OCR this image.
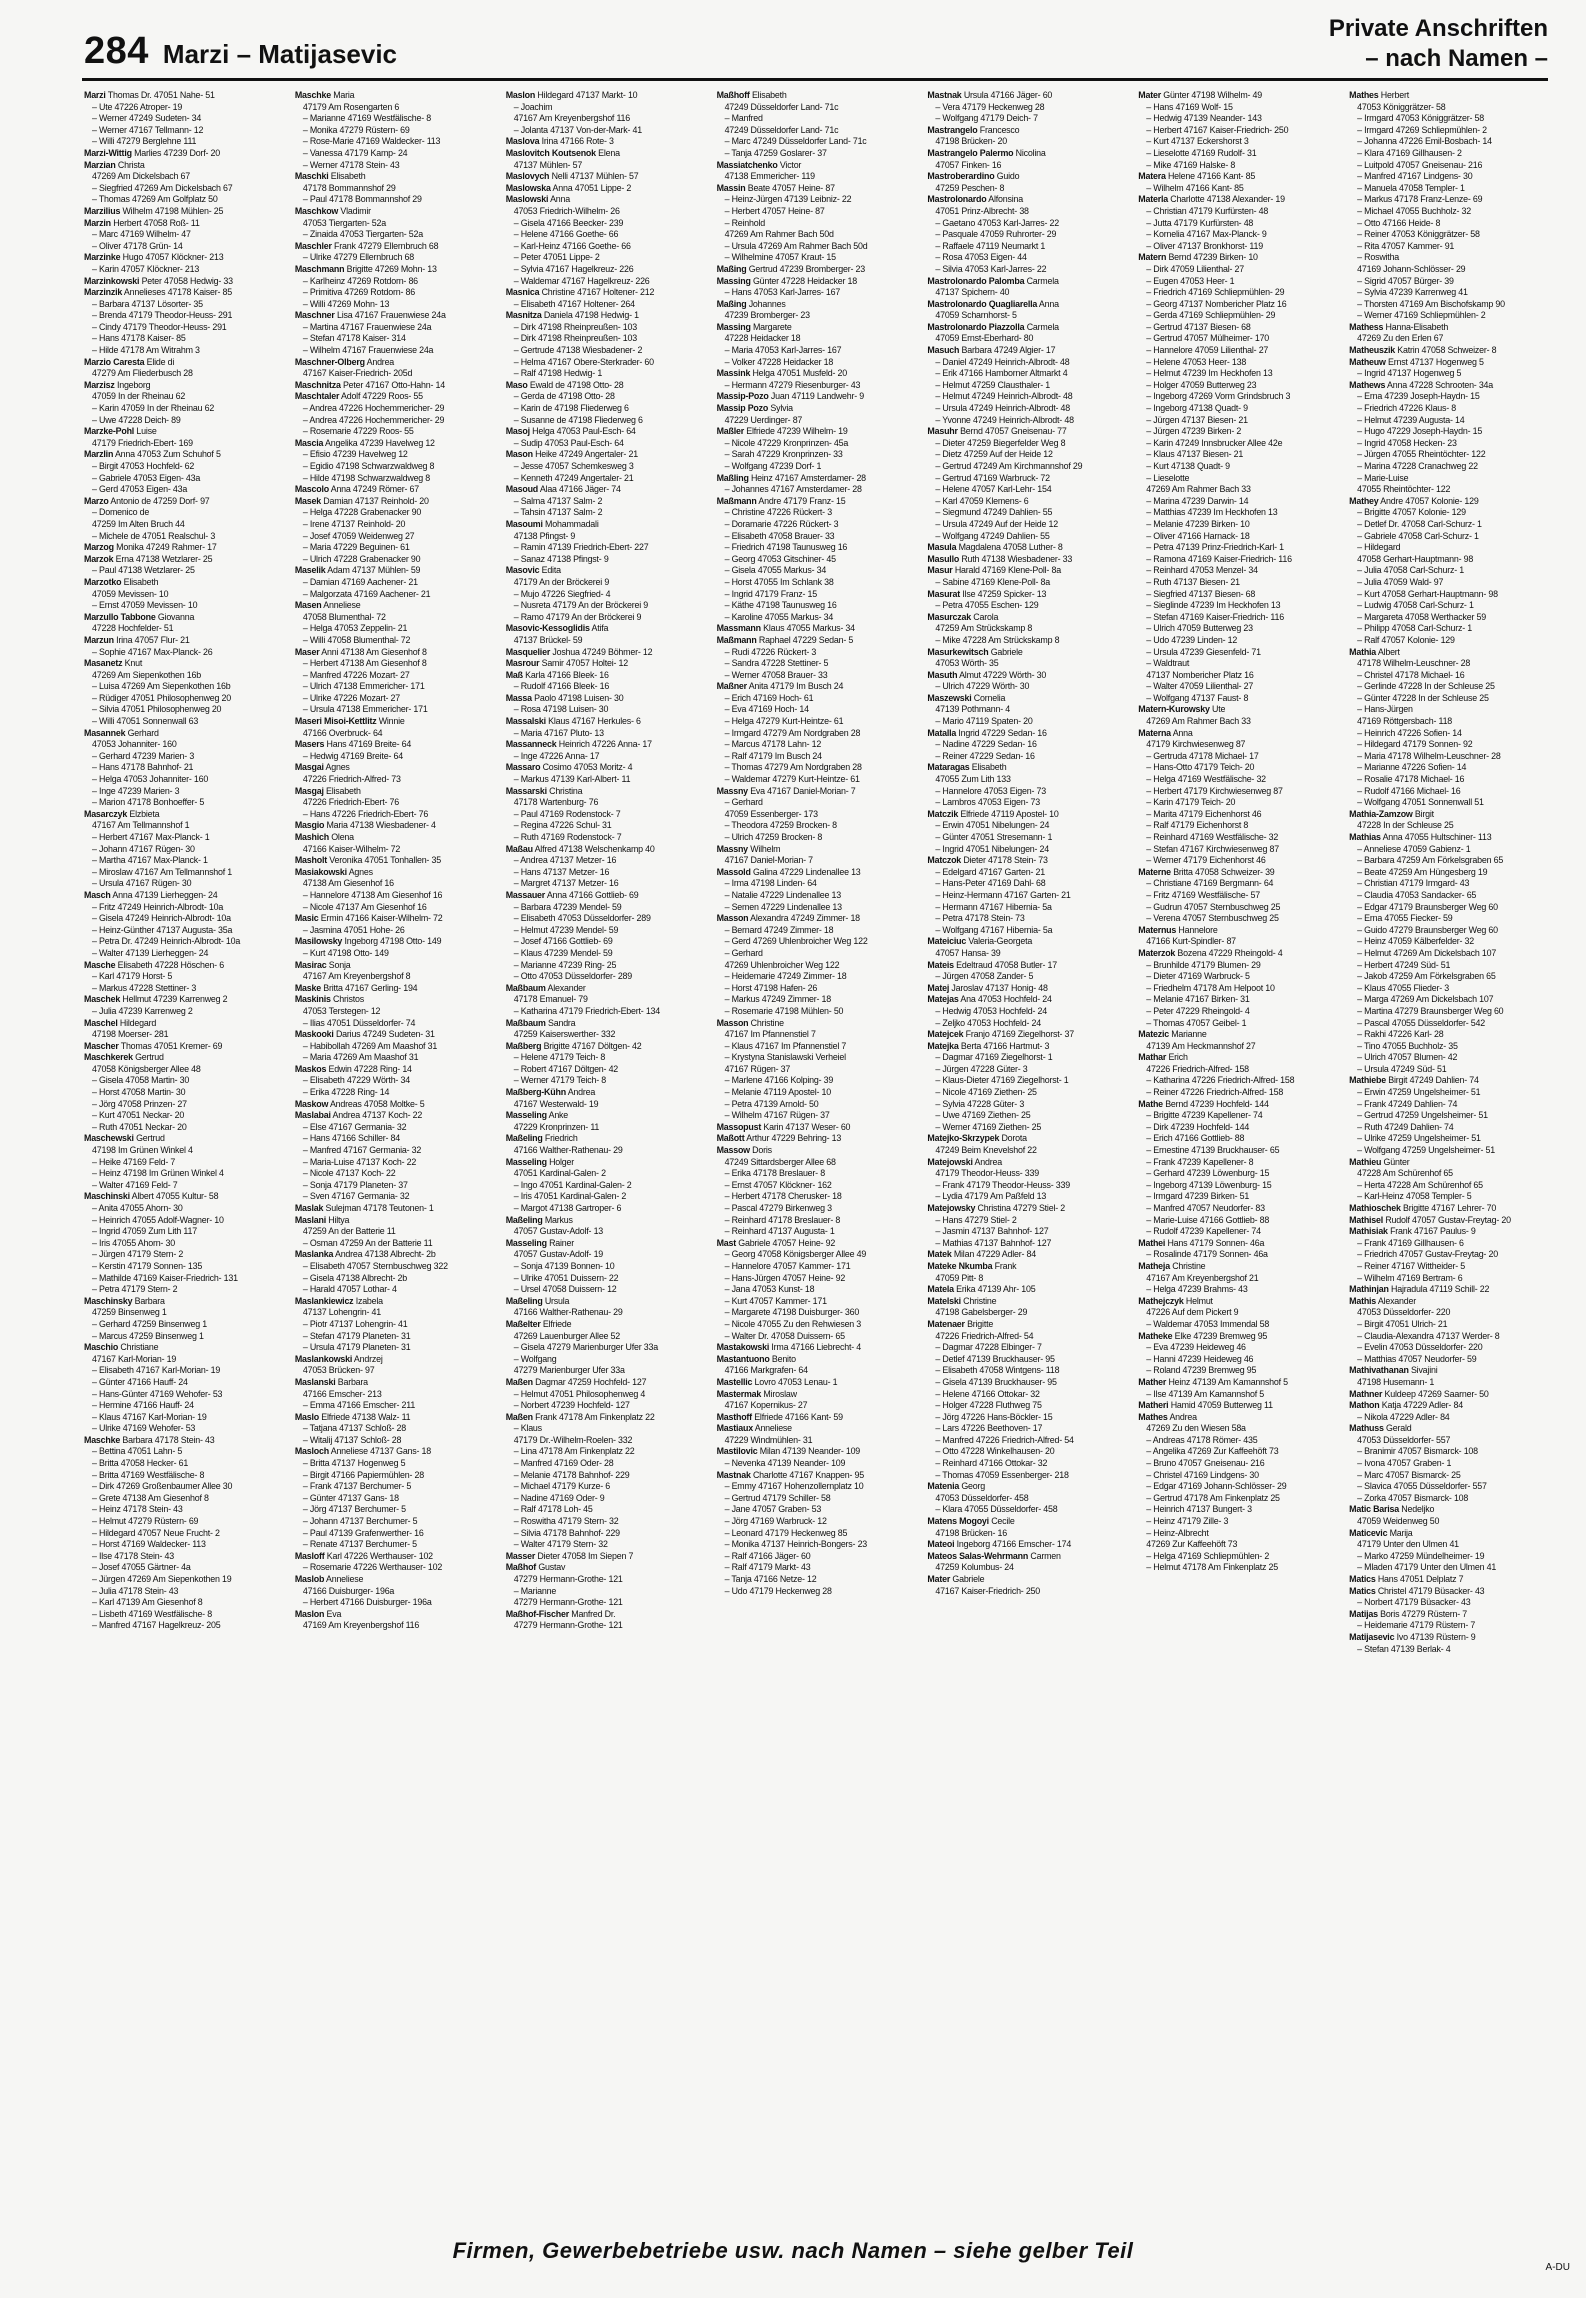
284 Marzi – Matijasevic
Private Anschriften
– nach Namen –
Marzi Thomas Dr. 47051 Nahe- 51
– Ute 47226 Atroper- 19
– Werner 47249 Sudeten- 34
– Werner 47167 Tellmann- 12
– Willi 47279 Berglehne 111
Marzi-Wittig Marlies 47239 Dorf- 20
Marzian Christa
47269 Am Dickelsbach 67
– Siegfried 47269 Am Dickelsbach 67
– Thomas 47269 Am Golfplatz 50
Marzilius Wilhelm 47198 Mühlen- 25
Marzin Herbert 47058 Roß- 11
– Marc 47169 Wilhelm- 47
– Oliver 47178 Grün- 14
Marzinke Hugo 47057 Klöckner- 213
– Karin 47057 Klöckner- 213
Marzinkowski Peter 47058 Hedwig- 33
Marzinzik Annelieses 47178 Kaiser- 85
– Barbara 47137 Lösorter- 35
– Brenda 47179 Theodor-Heuss- 291
– Cindy 47179 Theodor-Heuss- 291
– Hans 47178 Kaiser- 85
– Hilde 47178 Am Witrahm 3
Marzio Caresta Elide di
47279 Am Fliederbusch 28
Marzisz Ingeborg
47059 In der Rheinau 62
– Karin 47059 In der Rheinau 62
– Uwe 47228 Deich- 89
Marzke-Pohl Luise
47179 Friedrich-Ebert- 169
Marzlin Anna 47053 Zum Schuhof 5
– Birgit 47053 Hochfeld- 62
– Gabriele 47053 Eigen- 43a
– Gerd 47053 Eigen- 43a
Marzo Antonio de 47259 Dorf- 97
– Domenico de
47259 Im Alten Bruch 44
– Michele de 47051 Realschul- 3
Marzog Monika 47249 Rahmer- 17
Marzok Erna 47138 Wetzlarer- 25
– Paul 47138 Wetzlarer- 25
Marzotko Elisabeth
47059 Mevissen- 10
– Ernst 47059 Mevissen- 10
Marzullo Tabbone Giovanna
47228 Hochfelder- 51
Marzun Irina 47057 Flur- 21
– Sophie 47167 Max-Planck- 26
Masanetz Knut
47269 Am Siepenkothen 16b
– Luisa 47269 Am Siepenkothen 16b
– Rüdiger 47051 Philosophenweg 20
– Silvia 47051 Philosophenweg 20
– Willi 47051 Sonnenwall 63
Masannek Gerhard
47053 Johanniter- 160
– Gerhard 47239 Marien- 3
– Hans 47178 Bahnhof- 21
– Helga 47053 Johanniter- 160
– Inge 47239 Marien- 3
– Marion 47178 Bonhoeffer- 5
Masarczyk Elzbieta
47167 Am Tellmannshof 1
– Herbert 47167 Max-Planck- 1
– Johann 47167 Rügen- 30
– Martha 47167 Max-Planck- 1
– Miroslaw 47167 Am Tellmannshof 1
– Ursula 47167 Rügen- 30
Masch Anna 47139 Lierheggen- 24
– Fritz 47249 Heinrich-Albrodt- 10a
– Gisela 47249 Heinrich-Albrodt- 10a
– Heinz-Günther 47137 Augusta- 35a
– Petra Dr. 47249 Heinrich-Albrodt- 10a
– Walter 47139 Lierheggen- 24
Masche Elisabeth 47228 Höschen- 6
– Karl 47179 Horst- 5
– Markus 47228 Stettiner- 3
Maschek Hellmut 47239 Karrenweg 2
– Julia 47239 Karrenweg 2
Maschel Hildegard
47198 Moerser- 281
Mascher Thomas 47051 Kremer- 69
Maschkerek Gertrud
47058 Königsberger Allee 48
– Gisela 47058 Martin- 30
– Horst 47058 Martin- 30
– Jörg 47058 Prinzen- 27
– Kurt 47051 Neckar- 20
– Ruth 47051 Neckar- 20
Maschewski Gertrud
47198 Im Grünen Winkel 4
– Heike 47169 Feld- 7
– Heinz 47198 Im Grünen Winkel 4
– Walter 47169 Feld- 7
Maschinski Albert 47055 Kultur- 58
– Anita 47055 Ahorn- 30
– Heinrich 47055 Adolf-Wagner- 10
– Ingrid 47059 Zum Lith 117
– Iris 47055 Ahorn- 30
– Jürgen 47179 Stern- 2
– Kerstin 47179 Sonnen- 135
– Mathilde 47169 Kaiser-Friedrich- 131
– Petra 47179 Stern- 2
Maschinsky Barbara
47259 Binsenweg 1
– Gerhard 47259 Binsenweg 1
– Marcus 47259 Binsenweg 1
Maschio Christiane
47167 Karl-Morian- 19
– Elisabeth 47167 Karl-Morian- 19
– Günter 47166 Hauff- 24
– Hans-Günter 47169 Wehofer- 53
– Hermine 47166 Hauff- 24
– Klaus 47167 Karl-Morian- 19
– Ulrike 47169 Wehofer- 53
Maschke Barbara 47178 Stein- 43
– Bettina 47051 Lahn- 5
– Britta 47058 Hecker- 61
– Britta 47169 Westfälische- 8
– Dirk 47269 Großenbaumer Allee 30
– Grete 47138 Am Giesenhof 8
– Heinz 47178 Stein- 43
– Helmut 47279 Rüstern- 69
– Hildegard 47057 Neue Frucht- 2
– Horst 47169 Waldecker- 113
– Ilse 47178 Stein- 43
– Josef 47055 Gärtner- 4a
– Jürgen 47269 Am Siepenkothen 19
– Julia 47178 Stein- 43
– Karl 47139 Am Giesenhof 8
– Lisbeth 47169 Westfälische- 8
– Manfred 47167 Hagelkreuz- 205
Maschke Maria
47179 Am Rosengarten 6
– Marianne 47169 Westfälische- 8
– Monika 47279 Rüstern- 69
– Rose-Marie 47169 Waldecker- 113
– Vanessa 47179 Kamp- 24
– Werner 47178 Stein- 43
Maschki Elisabeth
47178 Bommannshof 29
– Paul 47178 Bommannshof 29
Maschkow Vladimir
47053 Tiergarten- 52a
– Zinaida 47053 Tiergarten- 52a
Maschler Frank 47279 Ellernbruch 68
– Ulrike 47279 Ellernbruch 68
Maschmann Brigitte 47269 Mohn- 13
– Karlheinz 47269 Rotdorn- 86
– Primitiva 47269 Rotdorn- 86
– Willi 47269 Mohn- 13
Maschner Lisa 47167 Frauenwiese 24a
– Martina 47167 Frauenwiese 24a
– Stefan 47178 Kaiser- 314
– Wilhelm 47167 Frauenwiese 24a
Maschner-Olberg Andrea
47167 Kaiser-Friedrich- 205d
Maschnitza Peter 47167 Otto-Hahn- 14
Maschtaler Adolf 47229 Roos- 55
– Andrea 47226 Hochemmericher- 29
– Andrea 47226 Hochemmericher- 29
– Rosemarie 47229 Roos- 55
Mascia Angelika 47239 Havelweg 12
– Efisio 47239 Havelweg 12
– Egidio 47198 Schwarzwaldweg 8
– Hilde 47198 Schwarzwaldweg 8
Mascolo Anna 47249 Römer- 67
Masek Damian 47137 Reinhold- 20
– Helga 47228 Grabenacker 90
– Irene 47137 Reinhold- 20
– Josef 47059 Weidenweg 27
– Maria 47229 Beguinen- 61
– Ulrich 47228 Grabenacker 90
Maselik Adam 47137 Mühlen- 59
– Damian 47169 Aachener- 21
– Malgorzata 47169 Aachener- 21
Masen Anneliese
47058 Blumenthal- 72
– Helga 47053 Zeppelin- 21
– Willi 47058 Blumenthal- 72
Maser Anni 47138 Am Giesenhof 8
– Herbert 47138 Am Giesenhof 8
– Manfred 47226 Mozart- 27
– Ulrich 47138 Emmericher- 171
– Ulrike 47226 Mozart- 27
– Ursula 47138 Emmericher- 171
Maseri Misoi-Kettlitz Winnie
47166 Overbruck- 64
Masers Hans 47169 Breite- 64
– Hedwig 47169 Breite- 64
Masgai Agnes
47226 Friedrich-Alfred- 73
Masgaj Elisabeth
47226 Friedrich-Ebert- 76
– Hans 47226 Friedrich-Ebert- 76
Masgio Maria 47138 Wiesbadener- 4
Mashich Olena
47166 Kaiser-Wilhelm- 72
Masholt Veronika 47051 Tonhallen- 35
Masiakowski Agnes
47138 Am Giesenhof 16
– Hannelore 47138 Am Giesenhof 16
– Nicole 47137 Am Giesenhof 16
Masic Ermin 47166 Kaiser-Wilhelm- 72
– Jasmina 47051 Hohe- 26
Masilowsky Ingeborg 47198 Otto- 149
– Kurt 47198 Otto- 149
Masirac Sonja
47167 Am Kreyenbergshof 8
Maske Britta 47167 Gerling- 194
Maskinis Christos
47053 Terstegen- 12
– Ilias 47051 Düsseldorfer- 74
Maskooki Darius 47249 Sudeten- 31
– Habibollah 47269 Am Maashof 31
– Maria 47269 Am Maashof 31
Maskos Edwin 47228 Ring- 14
– Elisabeth 47229 Wörth- 34
– Erika 47228 Ring- 14
Maskow Andreas 47058 Moltke- 5
Maslabai Andrea 47137 Koch- 22
– Else 47167 Germania- 32
– Hans 47166 Schiller- 84
– Manfred 47167 Germania- 32
– Maria-Luise 47137 Koch- 22
– Nicole 47137 Koch- 22
– Sonja 47179 Planeten- 37
– Sven 47167 Germania- 32
Maslak Sulejman 47178 Teutonen- 1
Maslani Hiltya
47259 An der Batterie 11
– Osman 47259 An der Batterie 11
Maslanka Andrea 47138 Albrecht- 2b
– Elisabeth 47057 Sternbuschweg 322
– Gisela 47138 Albrecht- 2b
– Harald 47057 Lothar- 4
Maslankiewicz Izabela
47137 Lohengrin- 41
– Piotr 47137 Lohengrin- 41
– Stefan 47179 Planeten- 31
– Ursula 47179 Planeten- 31
Maslankowski Andrzej
47053 Brücken- 97
Maslanski Barbara
47166 Emscher- 213
– Emma 47166 Emscher- 211
Maslo Elfriede 47138 Walz- 11
– Tatjana 47137 Schloß- 28
– Witalij 47137 Schloß- 28
Masloch Anneliese 47137 Gans- 18
– Britta 47137 Hogenweg 5
– Birgit 47166 Papiermühlen- 28
– Frank 47137 Berchumer- 5
– Günter 47137 Gans- 18
– Jörg 47137 Berchumer- 5
– Johann 47137 Berchumer- 5
– Paul 47139 Grafenwerther- 16
– Renate 47137 Berchumer- 5
Masloff Karl 47226 Werthauser- 102
– Rosemarie 47226 Werthauser- 102
Maslob Anneliese
47166 Duisburger- 196a
– Herbert 47166 Duisburger- 196a
Maslon Eva
47169 Am Kreyenbergshof 116
Maslon Hildegard 47137 Markt- 10
– Joachim
47167 Am Kreyenbergshof 116
– Jolanta 47137 Von-der-Mark- 41
Maslova Irina 47166 Rote- 3
Maslovitch Koutsenok Elena
47137 Mühlen- 57
Maslovych Nelli 47137 Mühlen- 57
Maslowska Anna 47051 Lippe- 2
Maslowski Anna
47053 Friedrich-Wilhelm- 26
– Gisela 47166 Beecker- 239
– Helene 47166 Goethe- 66
– Karl-Heinz 47166 Goethe- 66
– Peter 47051 Lippe- 2
– Sylvia 47167 Hagelkreuz- 226
– Waldemar 47167 Hagelkreuz- 226
Masnica Christine 47167 Holtener- 212
– Elisabeth 47167 Holtener- 264
Masnitza Daniela 47198 Hedwig- 1
– Dirk 47198 Rheinpreußen- 103
– Dirk 47198 Rheinpreußen- 103
– Gertrude 47138 Wiesbadener- 2
– Helma 47167 Obere-Sterkrader- 60
– Ralf 47198 Hedwig- 1
Maso Ewald de 47198 Otto- 28
– Gerda de 47198 Otto- 28
– Karin de 47198 Fliederweg 6
– Susanne de 47198 Fliederweg 6
Masoj Helga 47053 Paul-Esch- 64
– Sudip 47053 Paul-Esch- 64
Mason Heike 47249 Angertaler- 21
– Jesse 47057 Schemkesweg 3
– Kenneth 47249 Angertaler- 21
Masoud Alaa 47166 Jäger- 74
– Salma 47137 Salm- 2
– Tahsin 47137 Salm- 2
Masoumi Mohammadali
47138 Pfingst- 9
– Ramin 47139 Friedrich-Ebert- 227
– Sanaz 47138 Pfingst- 9
Masovic Edita
47179 An der Bröckerei 9
– Mujo 47226 Siegfried- 4
– Nusreta 47179 An der Bröckerei 9
– Ramo 47179 An der Bröckerei 9
Masovic-Kessoglidis Atifa
47137 Brückel- 59
Masquelier Joshua 47249 Böhmer- 12
Masrour Samir 47057 Holtei- 12
Maß Karla 47166 Bleek- 16
– Rudolf 47166 Bleek- 16
Massa Paolo 47198 Luisen- 30
– Rosa 47198 Luisen- 30
Massalski Klaus 47167 Herkules- 6
– Maria 47167 Pluto- 13
Massanneck Heinrich 47226 Anna- 17
– Inge 47226 Anna- 17
Massaro Cosimo 47053 Moritz- 4
– Markus 47139 Karl-Albert- 11
Massarski Christina
47178 Wartenburg- 76
– Paul 47169 Rodenstock- 7
– Regina 47226 Schul- 31
– Ruth 47169 Rodenstock- 7
Maßau Alfred 47138 Welschenkamp 40
– Andrea 47137 Metzer- 16
– Hans 47137 Metzer- 16
– Margret 47137 Metzer- 16
Massauer Anna 47166 Gottlieb- 69
– Barbara 47239 Mendel- 59
– Elisabeth 47053 Düsseldorfer- 289
– Helmut 47239 Mendel- 59
– Josef 47166 Gottlieb- 69
– Klaus 47239 Mendel- 59
– Marianne 47239 Ring- 25
– Otto 47053 Düsseldorfer- 289
Maßbaum Alexander
47178 Emanuel- 79
– Katharina 47179 Friedrich-Ebert- 134
Maßbaum Sandra
47259 Kaiserswerther- 332
Maßberg Brigitte 47167 Döltgen- 42
– Helene 47179 Teich- 8
– Robert 47167 Döltgen- 42
– Werner 47179 Teich- 8
Maßberg-Kühn Andrea
47167 Westerwald- 19
Masseling Anke
47229 Kronprinzen- 11
Maßeling Friedrich
47166 Walther-Rathenau- 29
Masseling Holger
47051 Kardinal-Galen- 2
– Ingo 47051 Kardinal-Galen- 2
– Iris 47051 Kardinal-Galen- 2
– Margot 47138 Gartroper- 6
Maßeling Markus
47057 Gustav-Adolf- 13
Masseling Rainer
47057 Gustav-Adolf- 19
– Sonja 47139 Bonnen- 10
– Ulrike 47051 Duissern- 22
– Ursel 47058 Duissern- 12
Maßeling Ursula
47166 Walther-Rathenau- 29
Maßelter Elfriede
47269 Lauenburger Allee 52
– Gisela 47279 Marienburger Ufer 33a
– Wolfgang
47279 Marienburger Ufer 33a
Maßen Dagmar 47259 Hochfeld- 127
– Helmut 47051 Philosophenweg 4
– Norbert 47239 Hochfeld- 127
Maßen Frank 47178 Am Finkenplatz 22
– Klaus
47179 Dr.-Wilhelm-Roelen- 332
– Lina 47178 Am Finkenplatz 22
– Manfred 47169 Oder- 28
– Melanie 47178 Bahnhof- 229
– Michael 47179 Kurze- 6
– Nadine 47169 Oder- 9
– Ralf 47178 Loh- 45
– Roswitha 47179 Stern- 32
– Silvia 47178 Bahnhof- 229
– Walter 47179 Stern- 32
Masser Dieter 47058 Im Siepen 7
Maßhof Gustav
47279 Hermann-Grothe- 121
– Marianne
47279 Hermann-Grothe- 121
Maßhof-Fischer Manfred Dr.
47279 Hermann-Grothe- 121
Maßhoff Elisabeth
47249 Düsseldorfer Land- 71c
– Manfred
47249 Düsseldorfer Land- 71c
– Marc 47249 Düsseldorfer Land- 71c
– Tanja 47259 Goslarer- 37
Massiatchenko Victor
47138 Emmericher- 119
Massin Beate 47057 Heine- 87
– Heinz-Jürgen 47139 Leibniz- 22
– Herbert 47057 Heine- 87
– Reinhold
47269 Am Rahmer Bach 50d
– Ursula 47269 Am Rahmer Bach 50d
– Wilhelmine 47057 Kraut- 15
Maßing Gertrud 47239 Bromberger- 23
Massing Günter 47228 Heidacker 18
– Hans 47053 Karl-Jarres- 167
Maßing Johannes
47239 Bromberger- 23
Massing Margarete
47228 Heidacker 18
– Maria 47053 Karl-Jarres- 167
– Volker 47228 Heidacker 18
Massink Helga 47051 Musfeld- 20
– Hermann 47279 Riesenburger- 43
Massip-Pozo Juan 47119 Landwehr- 9
Massip Pozo Sylvia
47229 Uerdinger- 87
Maßler Elfriede 47239 Wilhelm- 19
– Nicole 47229 Kronprinzen- 45a
– Sarah 47229 Kronprinzen- 33
– Wolfgang 47239 Dorf- 1
Maßling Heinz 47167 Amsterdamer- 28
– Johannes 47167 Amsterdamer- 28
Maßmann Andre 47179 Franz- 15
– Christine 47226 Rückert- 3
– Doramarie 47226 Rückert- 3
– Elisabeth 47058 Brauer- 33
– Friedrich 47198 Taunusweg 16
– Georg 47053 Gitschiner- 45
– Gisela 47055 Markus- 34
– Horst 47055 Im Schlank 38
– Ingrid 47179 Franz- 15
– Käthe 47198 Taunusweg 16
– Karoline 47055 Markus- 34
Massmann Klaus 47055 Markus- 34
Maßmann Raphael 47229 Sedan- 5
– Rudi 47226 Rückert- 3
– Sandra 47228 Stettiner- 5
– Werner 47058 Brauer- 33
Maßner Anita 47179 Im Busch 24
– Erich 47169 Hoch- 61
– Eva 47169 Hoch- 14
– Helga 47279 Kurt-Heintze- 61
– Irmgard 47279 Am Nordgraben 28
– Marcus 47178 Lahn- 12
– Ralf 47179 Im Busch 24
– Thomas 47279 Am Nordgraben 28
– Waldemar 47279 Kurt-Heintze- 61
Massny Eva 47167 Daniel-Morian- 7
– Gerhard
47059 Essenberger- 173
– Theodora 47259 Brocken- 8
– Ulrich 47259 Brocken- 8
Massny Wilhelm
47167 Daniel-Morian- 7
Massold Galina 47229 Lindenallee 13
– Irma 47198 Linden- 64
– Natalie 47229 Lindenallee 13
– Semen 47229 Lindenallee 13
Masson Alexandra 47249 Zimmer- 18
– Bernard 47249 Zimmer- 18
– Gerd 47269 Uhlenbroicher Weg 122
– Gerhard
47269 Uhlenbroicher Weg 122
– Heidemarie 47249 Zimmer- 18
– Horst 47198 Hafen- 26
– Markus 47249 Zimmer- 18
– Rosemarie 47198 Mühlen- 50
Masson Christine
47167 Im Pfannenstiel 7
– Klaus 47167 Im Pfannenstiel 7
– Krystyna Stanislawski Verheiel
47167 Rügen- 37
– Marlene 47166 Kolping- 39
– Melanie 47119 Apostel- 10
– Petra 47139 Arnold- 50
– Wilhelm 47167 Rügen- 37
Massopust Karin 47137 Weser- 60
Maßott Arthur 47229 Behring- 13
Massow Doris
47249 Sittardsberger Allee 68
– Erika 47178 Breslauer- 8
– Ernst 47057 Klöckner- 162
– Herbert 47178 Cherusker- 18
– Pascal 47279 Birkenweg 3
– Reinhard 47178 Breslauer- 8
– Reinhard 47137 Augusta- 1
Mast Gabriele 47057 Heine- 92
– Georg 47058 Königsberger Allee 49
– Hannelore 47057 Kammer- 171
– Hans-Jürgen 47057 Heine- 92
– Jana 47053 Kunst- 18
– Kurt 47057 Kammer- 171
– Margarete 47198 Duisburger- 360
– Nicole 47055 Zu den Rehwiesen 3
– Walter Dr. 47058 Duissern- 65
Mastakowski Irma 47166 Liebrecht- 4
Mastantuono Benito
47166 Markgrafen- 64
Mastellic Lovro 47053 Lenau- 1
Mastermak Miroslaw
47167 Kopernikus- 27
Masthoff Elfriede 47166 Kant- 59
Mastiaux Anneliese
47229 Windmühlen- 31
Mastilovic Milan 47139 Neander- 109
– Nevenka 47139 Neander- 109
Mastnak Charlotte 47167 Knappen- 95
– Emmy 47167 Hohenzollernplatz 10
– Gertrud 47179 Schiller- 58
– Jane 47057 Graben- 53
– Jörg 47169 Warbruck- 12
– Leonard 47179 Heckenweg 85
– Monika 47137 Heinrich-Bongers- 23
– Ralf 47166 Jäger- 60
– Ralf 47179 Markt- 43
– Tanja 47166 Netze- 12
– Udo 47179 Heckenweg 28
Mastnak Ursula 47166 Jäger- 60
– Vera 47179 Heckenweg 28
– Wolfgang 47179 Deich- 7
Mastrangelo Francesco
47198 Brücken- 20
Mastrangelo Palermo Nicolina
47057 Finken- 16
Mastroberardino Guido
47259 Peschen- 8
Mastrolonardo Alfonsina
47051 Prinz-Albrecht- 38
– Gaetano 47053 Karl-Jarres- 22
– Pasquale 47059 Ruhrorter- 29
– Raffaele 47119 Neumarkt 1
– Rosa 47053 Eigen- 44
– Silvia 47053 Karl-Jarres- 22
Mastrolonardo Palomba Carmela
47137 Spichern- 40
Mastrolonardo Quagliarella Anna
47059 Scharnhorst- 5
Mastrolonardo Piazzolla Carmela
47059 Ernst-Eberhard- 80
Masuch Barbara 47249 Algier- 17
– Daniel 47249 Heinrich-Albrodt- 48
– Erik 47166 Hamborner Altmarkt 4
– Helmut 47259 Clausthaler- 1
– Helmut 47249 Heinrich-Albrodt- 48
– Ursula 47249 Heinrich-Albrodt- 48
– Yvonne 47249 Heinrich-Albrodt- 48
Masuhr Bernd 47057 Gneisenau- 77
– Dieter 47259 Biegerfelder Weg 8
– Dietz 47259 Auf der Heide 12
– Gertrud 47249 Am Kirchmannshof 29
– Gertrud 47169 Warbruck- 72
– Helene 47057 Karl-Lehr- 154
– Karl 47059 Klemens- 6
– Siegmund 47249 Dahlien- 55
– Ursula 47249 Auf der Heide 12
– Wolfgang 47249 Dahlien- 55
Masula Magdalena 47058 Luther- 8
Masullo Ruth 47138 Wiesbadener- 33
Masur Harald 47169 Klene-Poll- 8a
– Sabine 47169 Klene-Poll- 8a
Masurat Ilse 47259 Spicker- 13
– Petra 47055 Eschen- 129
Masurczak Carola
47259 Am Strückskamp 8
– Mike 47228 Am Strückskamp 8
Masurkewitsch Gabriele
47053 Wörth- 35
Masuth Almut 47229 Wörth- 30
– Ulrich 47229 Wörth- 30
Maszewski Cornelia
47139 Pothmann- 4
– Mario 47119 Spaten- 20
Matalla Ingrid 47229 Sedan- 16
– Nadine 47229 Sedan- 16
– Reiner 47229 Sedan- 16
Mataragas Elisabeth
47055 Zum Lith 133
– Hannelore 47053 Eigen- 73
– Lambros 47053 Eigen- 73
Matczik Elfriede 47119 Apostel- 10
– Erwin 47051 Nibelungen- 24
– Günter 47051 Stresemann- 1
– Ingrid 47051 Nibelungen- 24
Matczok Dieter 47178 Stein- 73
– Edelgard 47167 Garten- 21
– Hans-Peter 47169 Dahl- 68
– Heinz-Hermann 47167 Garten- 21
– Hermann 47167 Hibernia- 5a
– Petra 47178 Stein- 73
– Wolfgang 47167 Hibernia- 5a
Mateiciuc Valeria-Georgeta
47057 Hansa- 39
Mateis Edeltraud 47058 Butler- 17
– Jürgen 47058 Zander- 5
Matej Jaroslav 47137 Honig- 48
Matejas Ana 47053 Hochfeld- 24
– Hedwig 47053 Hochfeld- 24
– Zeljko 47053 Hochfeld- 24
Matejcek Franjo 47169 Ziegelhorst- 37
Matejka Berta 47166 Hartmut- 3
– Dagmar 47169 Ziegelhorst- 1
– Jürgen 47228 Güter- 3
– Klaus-Dieter 47169 Ziegelhorst- 1
– Nicole 47169 Ziethen- 25
– Sylvia 47228 Güter- 3
– Uwe 47169 Ziethen- 25
– Werner 47169 Ziethen- 25
Matejko-Skrzypek Dorota
47249 Beim Knevelshof 22
Matejowski Andrea
47179 Theodor-Heuss- 339
– Frank 47179 Theodor-Heuss- 339
– Lydia 47179 Am Paßfeld 13
Matejowsky Christina 47279 Stiel- 2
– Hans 47279 Stiel- 2
– Jasmin 47137 Bahnhof- 127
– Mathias 47137 Bahnhof- 127
Matek Milan 47229 Adler- 84
Mateke Nkumba Frank
47059 Pitt- 8
Matela Erika 47139 Ahr- 105
Matelski Christine
47198 Gabelsberger- 29
Matenaer Brigitte
47226 Friedrich-Alfred- 54
– Dagmar 47228 Elbinger- 7
– Detlef 47139 Bruckhauser- 95
– Elisabeth 47058 Wintgens- 118
– Gisela 47139 Bruckhauser- 95
– Helene 47166 Ottokar- 32
– Holger 47228 Fluthweg 75
– Jörg 47226 Hans-Böckler- 15
– Lars 47226 Beethoven- 17
– Manfred 47226 Friedrich-Alfred- 54
– Otto 47228 Winkelhausen- 20
– Reinhard 47166 Ottokar- 32
– Thomas 47059 Essenberger- 218
Matenia Georg
47053 Düsseldorfer- 458
– Klara 47055 Düsseldorfer- 458
Matens Mogoyi Cecile
47198 Brücken- 16
Mateoi Ingeborg 47166 Emscher- 174
Mateos Salas-Wehrmann Carmen
47259 Kolumbus- 24
Mater Gabriele
47167 Kaiser-Friedrich- 250
Mater Günter 47198 Wilhelm- 49
– Hans 47169 Wolf- 15
– Hedwig 47139 Neander- 143
– Herbert 47167 Kaiser-Friedrich- 250
– Kurt 47137 Eckershorst 3
– Lieselotte 47169 Rudolf- 31
– Mike 47169 Halske- 8
Matera Helene 47166 Kant- 85
– Wilhelm 47166 Kant- 85
Materla Charlotte 47138 Alexander- 19
– Christian 47179 Kurfürsten- 48
– Jutta 47179 Kurfürsten- 48
– Kornelia 47167 Max-Planck- 9
– Oliver 47137 Bronkhorst- 119
Matern Bernd 47239 Birken- 10
– Dirk 47059 Lilienthal- 27
– Eugen 47053 Heer- 1
– Friedrich 47169 Schliepmühlen- 29
– Georg 47137 Nombericher Platz 16
– Gerda 47169 Schliepmühlen- 29
– Gertrud 47137 Biesen- 68
– Gertrud 47057 Mülheimer- 170
– Hannelore 47059 Lilienthal- 27
– Helene 47053 Heer- 138
– Helmut 47239 Im Heckhofen 13
– Holger 47059 Butterweg 23
– Ingeborg 47269 Vorm Grindsbruch 3
– Ingeborg 47138 Quadt- 9
– Jürgen 47137 Biesen- 21
– Jürgen 47239 Birken- 2
– Karin 47249 Innsbrucker Allee 42e
– Klaus 47137 Biesen- 21
– Kurt 47138 Quadt- 9
– Lieselotte
47269 Am Rahmer Bach 33
– Marina 47239 Darwin- 14
– Matthias 47239 Im Heckhofen 13
– Melanie 47239 Birken- 10
– Oliver 47166 Harnack- 18
– Petra 47139 Prinz-Friedrich-Karl- 1
– Ramona 47169 Kaiser-Friedrich- 116
– Reinhard 47053 Menzel- 34
– Ruth 47137 Biesen- 21
– Siegfried 47137 Biesen- 68
– Sieglinde 47239 Im Heckhofen 13
– Stefan 47169 Kaiser-Friedrich- 116
– Ulrich 47059 Butterweg 23
– Udo 47239 Linden- 12
– Ursula 47239 Giesenfeld- 71
– Waldtraut
47137 Nombericher Platz 16
– Walter 47059 Lilienthal- 27
– Wolfgang 47137 Faust- 8
Matern-Kurowsky Ute
47269 Am Rahmer Bach 33
Materna Anna
47179 Kirchwiesenweg 87
– Gertruda 47178 Michael- 17
– Hans-Otto 47179 Teich- 20
– Helga 47169 Westfälische- 32
– Herbert 47179 Kirchwiesenweg 87
– Karin 47179 Teich- 20
– Marita 47179 Eichenhorst 46
– Ralf 47179 Eichenhorst 8
– Reinhard 47169 Westfälische- 32
– Stefan 47167 Kirchwiesenweg 87
– Werner 47179 Eichenhorst 46
Materne Britta 47058 Schweizer- 39
– Christiane 47169 Bergmann- 64
– Fritz 47169 Westfälische- 57
– Gudrun 47057 Sternbuschweg 25
– Verena 47057 Sternbuschweg 25
Maternus Hannelore
47166 Kurt-Spindler- 87
Materzok Bozena 47229 Rheingold- 4
– Brunhilde 47179 Blumen- 29
– Dieter 47169 Warbruck- 5
– Friedhelm 47178 Am Helpoot 10
– Melanie 47167 Birken- 31
– Peter 47229 Rheingold- 4
– Thomas 47057 Geibel- 1
Matezic Marianne
47139 Am Heckmannshof 27
Mathar Erich
47226 Friedrich-Alfred- 158
– Katharina 47226 Friedrich-Alfred- 158
– Reiner 47226 Friedrich-Alfred- 158
Mathe Bernd 47239 Hochfeld- 144
– Brigitte 47239 Kapellener- 74
– Dirk 47239 Hochfeld- 144
– Erich 47166 Gottlieb- 88
– Ernestine 47139 Bruckhauser- 65
– Frank 47239 Kapellener- 8
– Gerhard 47239 Löwenburg- 15
– Ingeborg 47139 Löwenburg- 15
– Irmgard 47239 Birken- 51
– Manfred 47057 Neudorfer- 83
– Marie-Luise 47166 Gottlieb- 88
– Rudolf 47239 Kapellener- 74
Mathei Hans 47179 Sonnen- 46a
– Rosalinde 47179 Sonnen- 46a
Matheja Christine
47167 Am Kreyenbergshof 21
– Helga 47239 Brahms- 43
Mathejczyk Helmut
47226 Auf dem Pickert 9
– Waldemar 47053 Immendal 58
Matheke Elke 47239 Bremweg 95
– Eva 47239 Heideweg 46
– Hanni 47239 Heideweg 46
– Roland 47239 Bremweg 95
Mather Heinz 47139 Am Kamannshof 5
– Ilse 47139 Am Kamannshof 5
Matheri Hamid 47059 Butterweg 11
Mathes Andrea
47269 Zu den Wiesen 58a
– Andreas 47178 Römer- 435
– Angelika 47269 Zur Kaffeehöft 73
– Bruno 47057 Gneisenau- 216
– Christel 47169 Lindgens- 30
– Edgar 47169 Johann-Schlösser- 29
– Gertrud 47178 Am Finkenplatz 25
– Heinrich 47137 Bungert- 3
– Heinz 47179 Zille- 3
– Heinz-Albrecht
47269 Zur Kaffeehöft 73
– Helga 47169 Schliepmühlen- 2
– Helmut 47178 Am Finkenplatz 25
Mathes Herbert
47053 Königgrätzer- 58
– Irmgard 47053 Königgrätzer- 58
– Irmgard 47269 Schliepmühlen- 2
– Johanna 47226 Emil-Bosbach- 14
– Klara 47169 Gillhausen- 2
– Luitpold 47057 Gneisenau- 216
– Manfred 47167 Lindgens- 30
– Manuela 47058 Templer- 1
– Markus 47178 Franz-Lenze- 69
– Michael 47055 Buchholz- 32
– Otto 47166 Heide- 8
– Reiner 47053 Königgrätzer- 58
– Rita 47057 Kammer- 91
– Roswitha
47169 Johann-Schlösser- 29
– Sigrid 47057 Bürger- 39
– Sylvia 47239 Karrenweg 41
– Thorsten 47169 Am Bischofskamp 90
– Werner 47169 Schliepmühlen- 2
Mathess Hanna-Elisabeth
47269 Zu den Erlen 67
Matheuszik Katrin 47058 Schweizer- 8
Matheuw Ernst 47137 Hogenweg 5
– Ingrid 47137 Hogenweg 5
Mathews Anna 47228 Schrooten- 34a
– Erna 47239 Joseph-Haydn- 15
– Friedrich 47226 Klaus- 8
– Helmut 47239 Augusta- 14
– Hugo 47229 Joseph-Haydn- 15
– Ingrid 47058 Hecken- 23
– Jürgen 47055 Rheintöchter- 122
– Marina 47228 Cranachweg 22
– Marie-Luise
47055 Rheintöchter- 122
Mathey Andre 47057 Kolonie- 129
– Brigitte 47057 Kolonie- 129
– Detlef Dr. 47058 Carl-Schurz- 1
– Gabriele 47058 Carl-Schurz- 1
– Hildegard
47058 Gerhart-Hauptmann- 98
– Julia 47058 Carl-Schurz- 1
– Julia 47059 Wald- 97
– Kurt 47058 Gerhart-Hauptmann- 98
– Ludwig 47058 Carl-Schurz- 1
– Margareta 47058 Werthacker 59
– Philipp 47058 Carl-Schurz- 1
– Ralf 47057 Kolonie- 129
Mathia Albert
47178 Wilhelm-Leuschner- 28
– Christel 47178 Michael- 16
– Gerlinde 47228 In der Schleuse 25
– Günter 47228 In der Schleuse 25
– Hans-Jürgen
47169 Röttgersbach- 118
– Heinrich 47226 Sofien- 14
– Hildegard 47179 Sonnen- 92
– Maria 47178 Wilhelm-Leuschner- 28
– Marianne 47226 Sofien- 14
– Rosalie 47178 Michael- 16
– Rudolf 47166 Michael- 16
– Wolfgang 47051 Sonnenwall 51
Mathia-Zamzow Birgit
47228 In der Schleuse 25
Mathias Anna 47055 Hultschiner- 113
– Anneliese 47059 Gabienz- 1
– Barbara 47259 Am Förkelsgraben 65
– Beate 47259 Am Hüngesberg 19
– Christian 47179 Irmgard- 43
– Claudia 47053 Sandacker- 65
– Edgar 47179 Braunsberger Weg 60
– Erna 47055 Fiecker- 59
– Guido 47279 Braunsberger Weg 60
– Heinz 47059 Kälberfelder- 32
– Helmut 47269 Am Dickelsbach 107
– Herbert 47249 Süd- 51
– Jakob 47259 Am Förkelsgraben 65
– Klaus 47055 Flieder- 3
– Marga 47269 Am Dickelsbach 107
– Martina 47279 Braunsberger Weg 60
– Pascal 47055 Düsseldorfer- 542
– Rakhi 47226 Karl- 28
– Tino 47055 Buchholz- 35
– Ulrich 47057 Blumen- 42
– Ursula 47249 Süd- 51
Mathiebe Birgit 47249 Dahlien- 74
– Erwin 47259 Ungelsheimer- 51
– Frank 47249 Dahlien- 74
– Gertrud 47259 Ungelsheimer- 51
– Ruth 47249 Dahlien- 74
– Ulrike 47259 Ungelsheimer- 51
– Wolfgang 47259 Ungelsheimer- 51
Mathieu Günter
47228 Am Schürenhof 65
– Herta 47228 Am Schürenhof 65
– Karl-Heinz 47058 Templer- 5
Mathioschek Brigitte 47167 Lehrer- 70
Mathisel Rudolf 47057 Gustav-Freytag- 20
Mathisiak Frank 47167 Paulus- 9
– Frank 47169 Gillhausen- 6
– Friedrich 47057 Gustav-Freytag- 20
– Reiner 47167 Wittheider- 5
– Wilhelm 47169 Bertram- 6
Mathinjan Hajradula 47119 Schill- 22
Mathis Alexander
47053 Düsseldorfer- 220
– Birgit 47051 Ulrich- 21
– Claudia-Alexandra 47137 Werder- 8
– Evelin 47053 Düsseldorfer- 220
– Matthias 47057 Neudorfer- 59
Mathivathanan Sivajini
47198 Husemann- 1
Mathner Kuldeep 47269 Saarner- 50
Mathon Katja 47229 Adler- 84
– Nikola 47229 Adler- 84
Mathuss Gerald
47053 Düsseldorfer- 557
– Branimir 47057 Bismarck- 108
– Ivona 47057 Graben- 1
– Marc 47057 Bismarck- 25
– Slavica 47055 Düsseldorfer- 557
– Zorka 47057 Bismarck- 108
Matic Barisa Nedeljko
47059 Weidenweg 50
Maticevic Marija
47179 Unter den Ulmen 41
– Marko 47259 Mündelheimer- 19
– Mladen 47179 Unter den Ulmen 41
Matics Hans 47051 Delplatz 7
Matics Christel 47179 Büsacker- 43
– Norbert 47179 Büsacker- 43
Matijas Boris 47279 Rüstern- 7
– Heidemarie 47179 Rüstern- 7
Matijasevic Ivo 47139 Rüstern- 9
– Stefan 47139 Berlak- 4
Firmen, Gewerbebetriebe usw. nach Namen – siehe gelber Teil
A-DU
